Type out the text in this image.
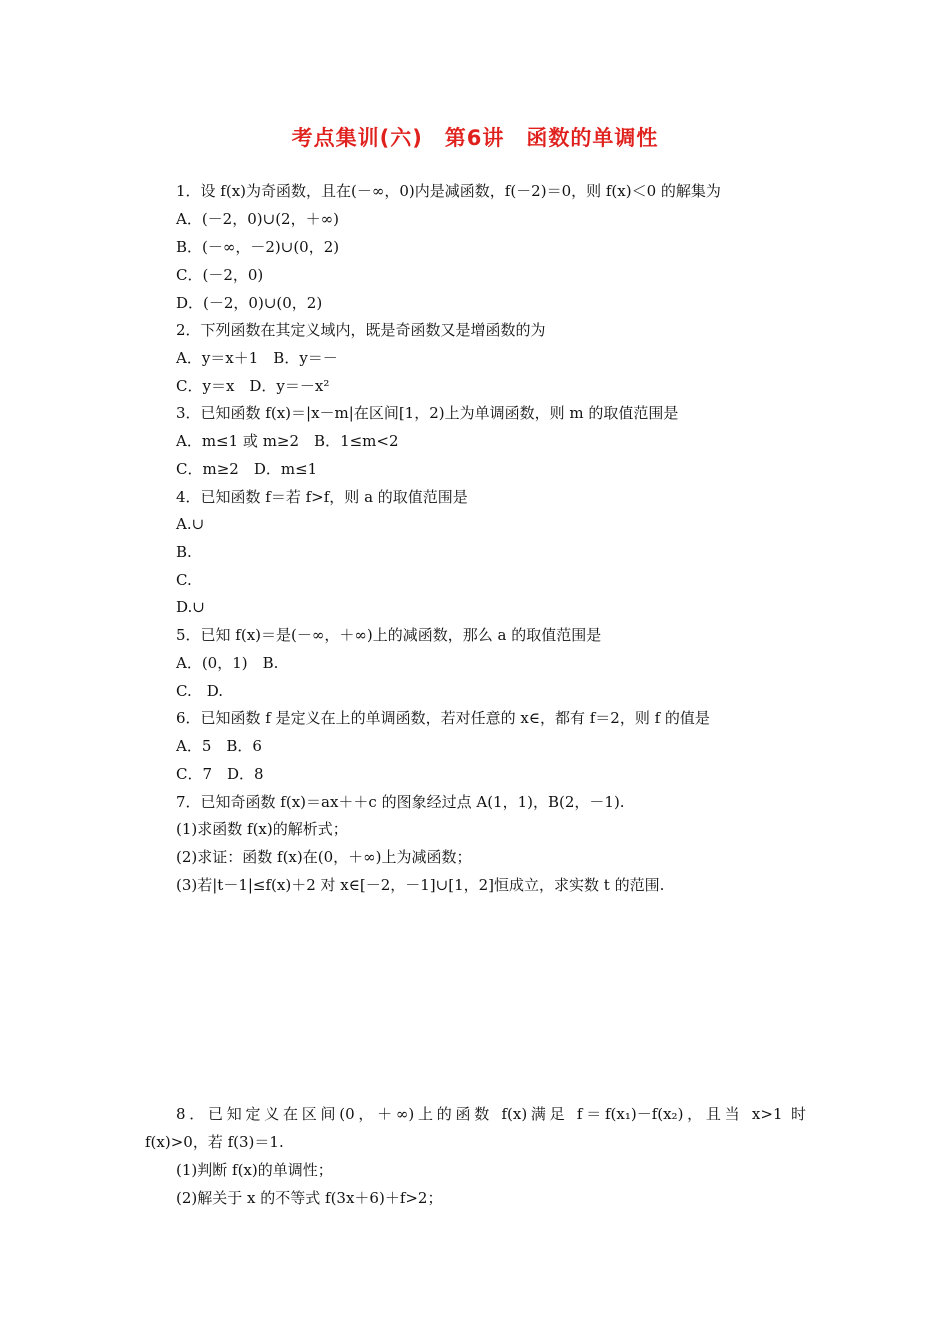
考点集训(六)　第6讲　函数的单调性
1．设 f(x)为奇函数，且在(－∞，0)内是减函数，f(－2)＝0，则 f(x)＜0 的解集为
A．(－2，0)∪(2，＋∞)
B．(－∞，－2)∪(0，2)
C．(－2，0)
D．(－2，0)∪(0，2)
2．下列函数在其定义域内，既是奇函数又是增函数的为
A．y＝x＋1　B．y＝－
C．y＝x　D．y＝－x²
3．已知函数 f(x)＝|x－m|在区间[1，2)上为单调函数，则 m 的取值范围是
A．m≤1 或 m≥2　B．1≤m<2
C．m≥2　D．m≤1
4．已知函数 f＝若 f>f，则 a 的取值范围是
A.∪
B.
C.
D.∪
5．已知 f(x)＝是(－∞，＋∞)上的减函数，那么 a 的取值范围是
A．(0，1)　B.
C.　D.
6．已知函数 f 是定义在上的单调函数，若对任意的 x∈，都有 f＝2，则 f 的值是
A．5　B．6
C．7　D．8
7．已知奇函数 f(x)＝ax＋＋c 的图象经过点 A(1，1)，B(2，－1).
(1)求函数 f(x)的解析式；
(2)求证：函数 f(x)在(0，＋∞)上为减函数；
(3)若|t－1|≤f(x)＋2 对 x∈[－2，－1]∪[1，2]恒成立，求实数 t 的范围.
8．已知定义在区间(0，＋∞)上的函数 f(x)满足 f＝f(x₁)－f(x₂)，且当 x>1 时
f(x)>0，若 f(3)＝1.
(1)判断 f(x)的单调性；
(2)解关于 x 的不等式 f(3x＋6)＋f>2；
